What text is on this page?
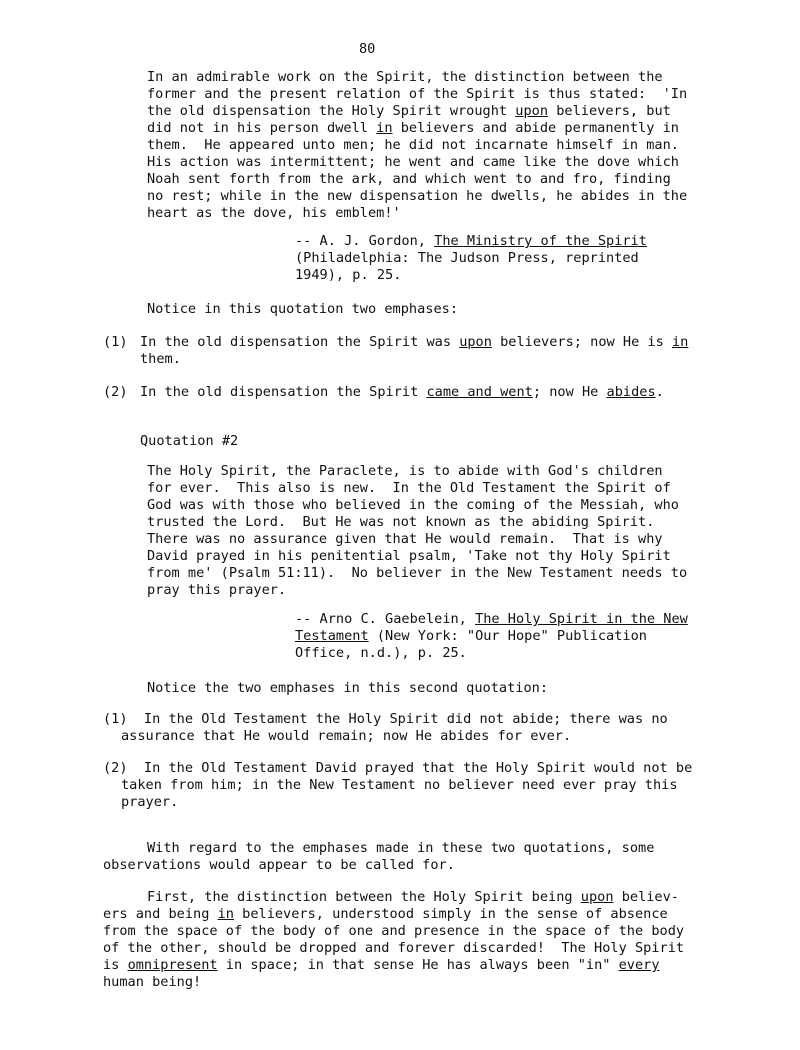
80

In an admirable work on the Spirit, the distinction between the

former and the present relation of the Spirit is thus stated:  'In

the old dispensation the Holy Spirit wrought upon believers, but

did not in his person dwell in believers and abide permanently in

them.  He appeared unto men; he did not incarnate himself in man.

His action was intermittent; he went and came like the dove which

Noah sent forth from the ark, and which went to and fro, finding

no rest; while in the new dispensation he dwells, he abides in the

heart as the dove, his emblem!'

-- A. J. Gordon, The Ministry of the Spirit

(Philadelphia: The Judson Press, reprinted

1949), p. 25.

Notice in this quotation two emphases:

(1) In the old dispensation the Spirit was upon believers; now He is in

them.

(2) In the old dispensation the Spirit came and went; now He abides.

Quotation #2

The Holy Spirit, the Paraclete, is to abide with God's children

for ever.  This also is new.  In the Old Testament the Spirit of

God was with those who believed in the coming of the Messiah, who

trusted the Lord.  But He was not known as the abiding Spirit.

There was no assurance given that He would remain.  That is why

David prayed in his penitential psalm, 'Take not thy Holy Spirit

from me' (Psalm 51:11).  No believer in the New Testament needs to

pray this prayer.

-- Arno C. Gaebelein, The Holy Spirit in the New

Testament (New York: "Our Hope" Publication

Office, n.d.), p. 25.

Notice the two emphases in this second quotation:

(1)  In the Old Testament the Holy Spirit did not abide; there was no

assurance that He would remain; now He abides for ever.

(2)  In the Old Testament David prayed that the Holy Spirit would not be

taken from him; in the New Testament no believer need ever pray this

prayer.

With regard to the emphases made in these two quotations, some

observations would appear to be called for.

First, the distinction between the Holy Spirit being upon believ-

ers and being in believers, understood simply in the sense of absence

from the space of the body of one and presence in the space of the body

of the other, should be dropped and forever discarded!  The Holy Spirit

is omnipresent in space; in that sense He has always been "in" every

human being!
